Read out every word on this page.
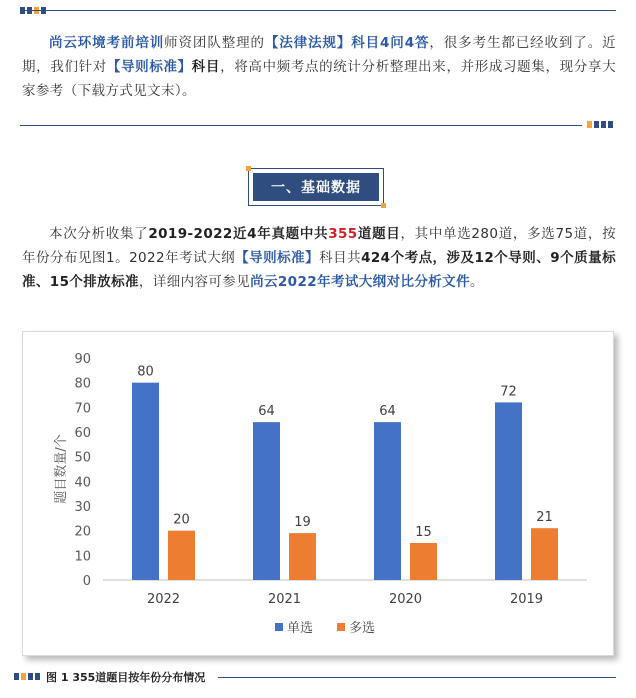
尚云环境考前培训师资团队整理的【法律法规】科目4问4答，很多考生都已经收到了。近期，我们针对【导则标准】科目，将高中频考点的统计分析整理出来，并形成习题集，现分享大家参考（下载方式见文末）。

一、基础数据

本次分析收集了2019-2022近4年真题中共355道题目，其中单选280道，多选75道，按年份分布见图1。2022年考试大纲【导则标准】科目共424个考点，涉及12个导则、9个质量标准、15个排放标准，详细内容可参见尚云2022年考试大纲对比分析文件。

0
10
20
30
40
50
60
70
80
90
题目数量/个
80
20
2022
64
19
2021
64
15
2020
72
21
2019
单选	多选
图 1 355道题目按年份分布情况
